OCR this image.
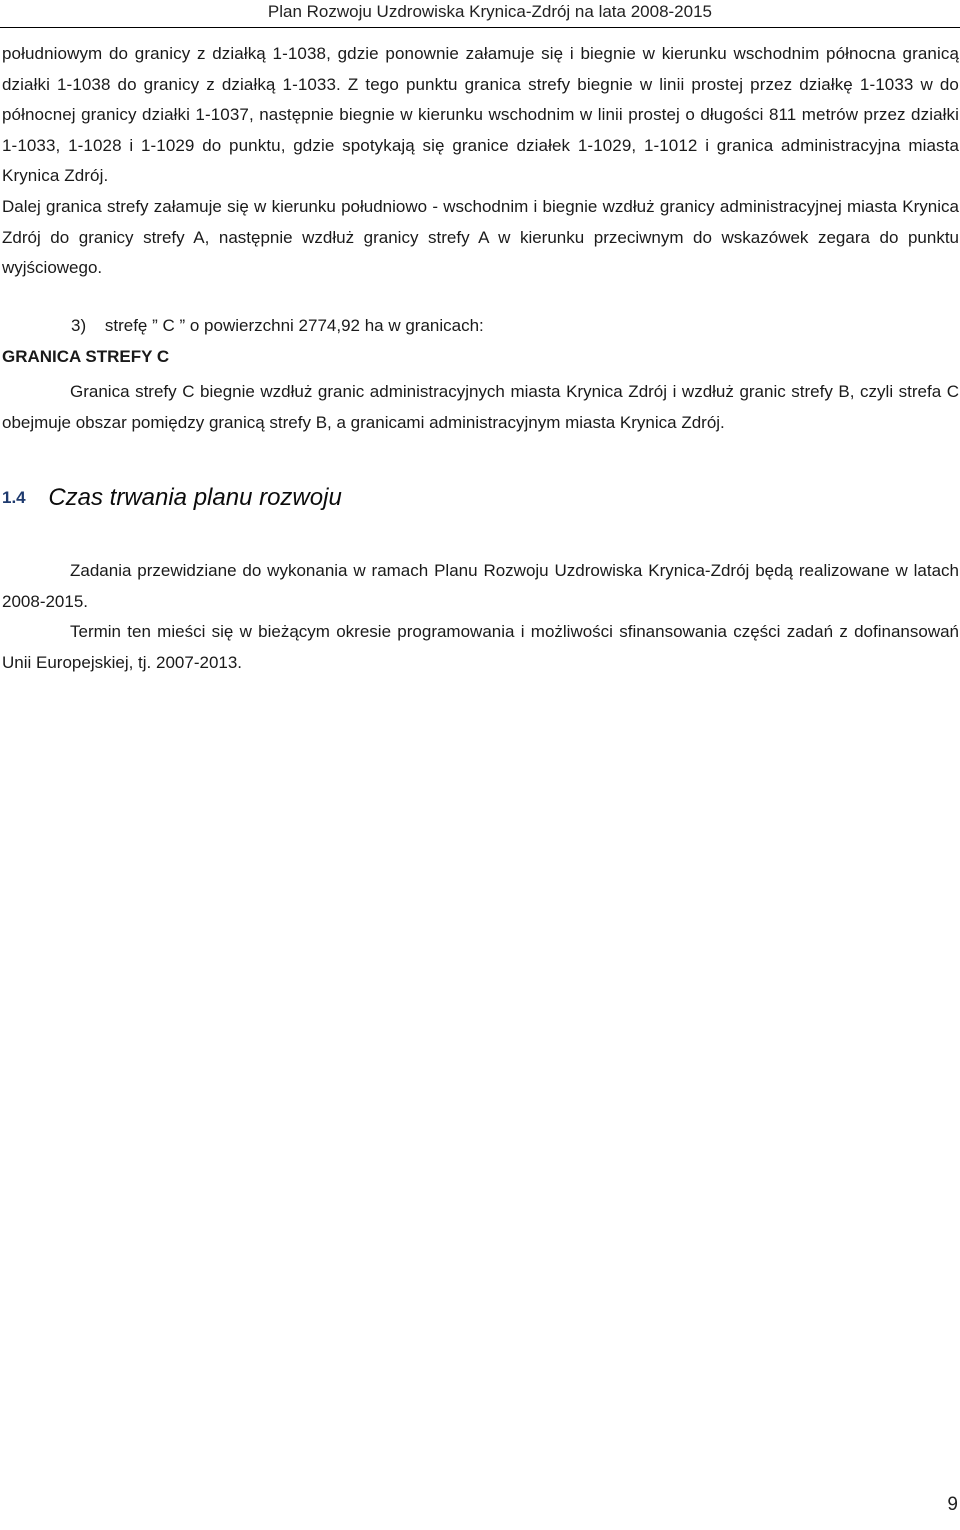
Plan Rozwoju Uzdrowiska Krynica-Zdrój na lata 2008-2015

południowym do granicy z działką 1-1038, gdzie ponownie załamuje się i biegnie w kierunku wschodnim północna granicą działki 1-1038 do granicy z działką 1-1033. Z tego punktu granica strefy biegnie w linii prostej przez działkę 1-1033 w do północnej granicy działki 1-1037, następnie biegnie w kierunku wschodnim w linii prostej o długości 811 metrów przez działki 1-1033, 1-1028 i 1-1029 do punktu, gdzie spotykają się granice działek 1-1029, 1-1012 i granica administracyjna miasta Krynica Zdrój.

Dalej granica strefy załamuje się w kierunku południowo - wschodnim i biegnie wzdłuż granicy administracyjnej miasta Krynica Zdrój do granicy strefy A, następnie wzdłuż granicy strefy A w kierunku przeciwnym do wskazówek zegara do punktu wyjściowego.

3) strefę ” C ” o powierzchni 2774,92 ha w granicach:
GRANICA STREFY C

Granica strefy C biegnie wzdłuż granic administracyjnych miasta Krynica Zdrój i wzdłuż granic strefy B, czyli strefa C obejmuje obszar pomiędzy granicą strefy B, a granicami administracyjnym miasta Krynica Zdrój.

1.4 Czas trwania planu rozwoju

Zadania przewidziane do wykonania w ramach Planu Rozwoju Uzdrowiska Krynica-Zdrój będą realizowane w latach 2008-2015.

Termin ten mieści się w bieżącym okresie programowania i możliwości sfinansowania części zadań z dofinansowań Unii Europejskiej, tj. 2007-2013.

9
